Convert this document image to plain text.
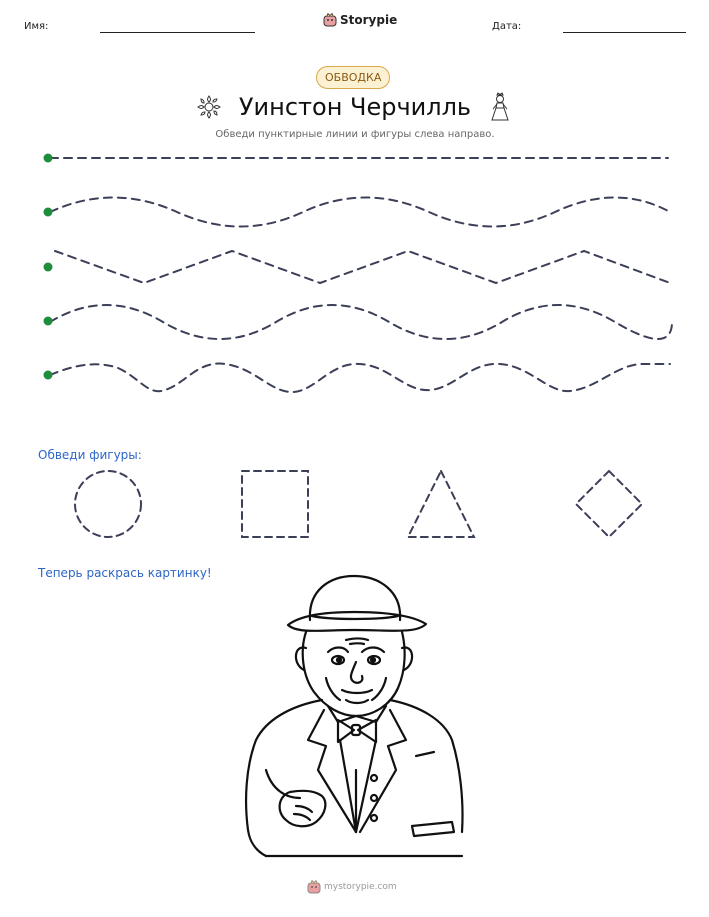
Имя:	Storypie	Дата:
ОБВОДКА
Уинстон Черчилль
Обведи пунктирные линии и фигуры слева направо.
Обведи фигуры:
Теперь раскрась картинку!
mystorypie.com
